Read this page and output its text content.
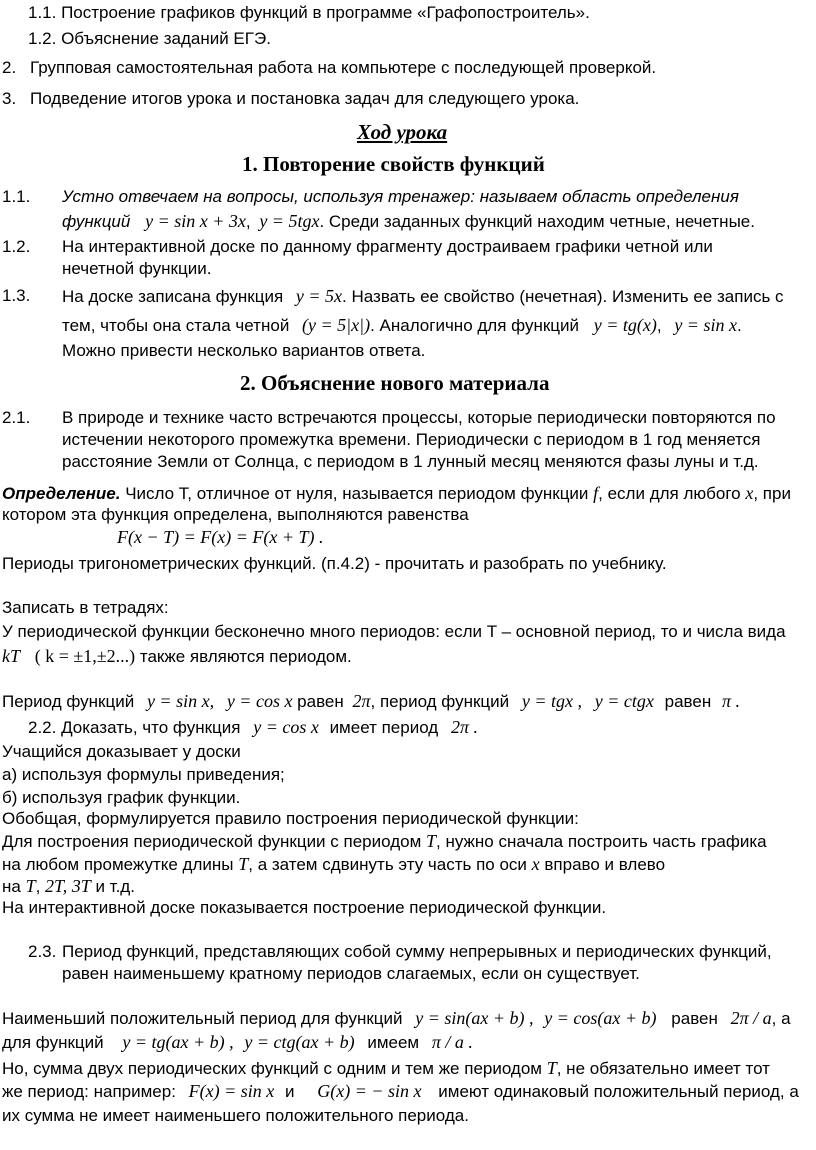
1.1. Построение графиков функций в программе «Графопостроитель».
1.2. Объяснение заданий ЕГЭ.
2. Групповая самостоятельная работа на компьютере с последующей проверкой.
3. Подведение итогов урока и постановка задач для следующего урока.
Ход урока
1. Повторение свойств функций
1.1. Устно отвечаем на вопросы, используя тренажер: называем область определения
функций y = sin x + 3x, y = 5tgx. Среди заданных функций находим четные, нечетные.
1.2. На интерактивной доске по данному фрагменту достраиваем графики четной или
нечетной функции.
1.3. На доске записана функция y = 5x. Назвать ее свойство (нечетная). Изменить ее запись с
тем, чтобы она стала четной (y = 5|x|). Аналогично для функций y = tg(x), y = sin x.
Можно привести несколько вариантов ответа.
2. Объяснение нового материала
2.1. В природе и технике часто встречаются процессы, которые периодически повторяются по
истечении некоторого промежутка времени. Периодически с периодом в 1 год меняется
расстояние Земли от Солнца, с периодом в 1 лунный месяц меняются фазы луны и т.д.
Определение. Число T, отличное от нуля, называется периодом функции f, если для любого x, при
котором эта функция определена, выполняются равенства
F(x − T) = F(x) = F(x + T) .
Периоды тригонометрических функций. (п.4.2) - прочитать и разобрать по учебнику.
Записать в тетрадях:
У периодической функции бесконечно много периодов: если T – основной период, то и числа вида
kT ( k = ±1,±2...) также являются периодом.
Период функций y = sin x, y = cos x равен 2π, период функций y = tgx , y = ctgx равен π .
2.2. Доказать, что функция y = cos x имеет период 2π .
Учащийся доказывает у доски
а) используя формулы приведения;
б) используя график функции.
Обобщая, формулируется правило построения периодической функции:
Для построения периодической функции с периодом T, нужно сначала построить часть графика
на любом промежутке длины T, а затем сдвинуть эту часть по оси x вправо и влево
на T, 2T, 3T и т.д.
На интерактивной доске показывается построение периодической функции.
2.3. Период функций, представляющих собой сумму непрерывных и периодических функций,
равен наименьшему кратному периодов слагаемых, если он существует.
Наименьший положительный период для функций y = sin(ax + b) , y = cos(ax + b) равен 2π / a, а
для функций y = tg(ax + b) , y = ctg(ax + b) имеем π / a .
Но, сумма двух периодических функций с одним и тем же периодом T, не обязательно имеет тот
же период: например: F(x) = sin x и G(x) = − sin x имеют одинаковый положительный период, а
их сумма не имеет наименьшего положительного периода.
